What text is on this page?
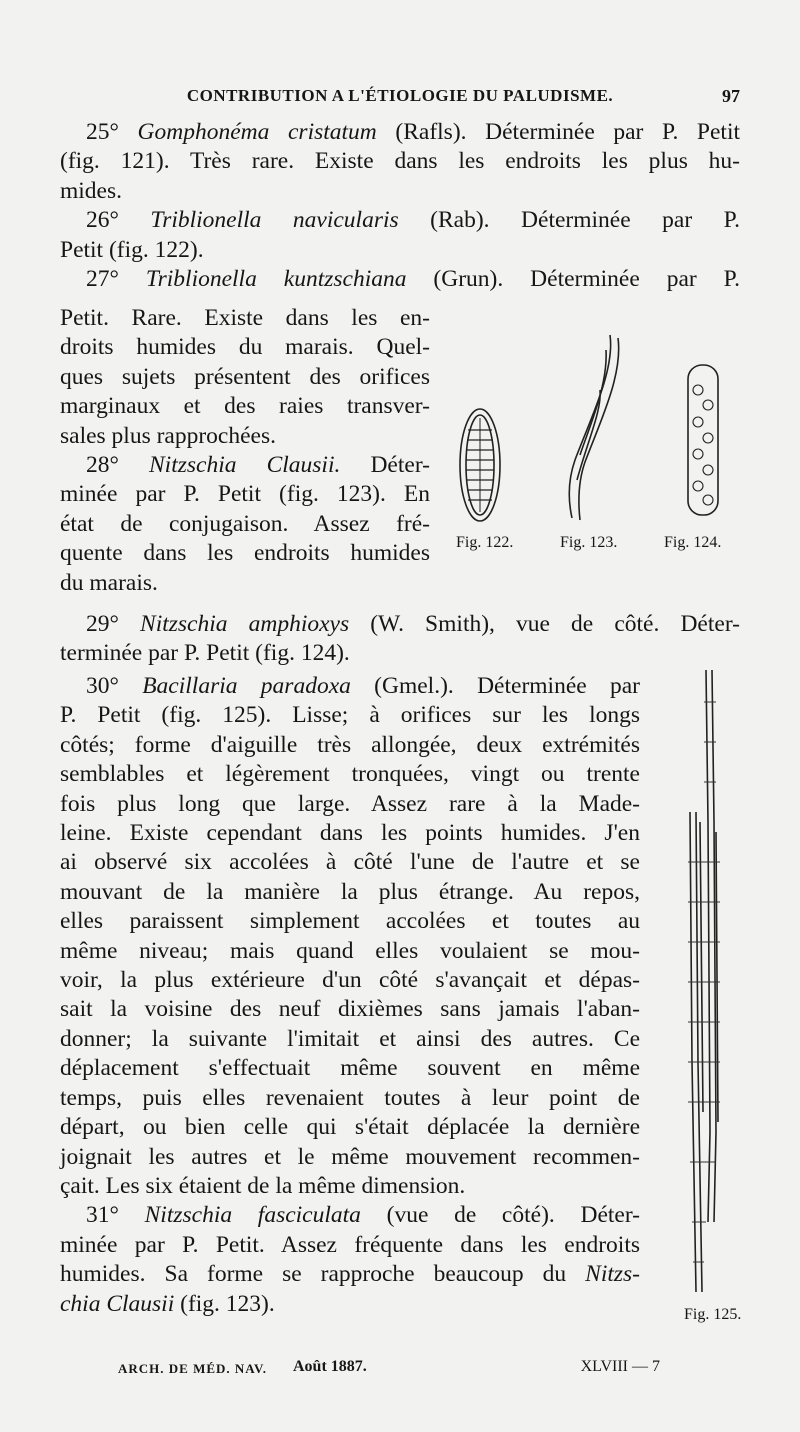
CONTRIBUTION A L'ÉTIOLOGIE DU PALUDISME.	97
25° Gomphonéma cristatum (Rafls). Déterminée par P. Petit
(fig. 121). Très rare. Existe dans les endroits les plus hu-
mides.
26° Triblionella navicularis (Rab). Déterminée par P.
Petit (fig. 122).
27° Triblionella kuntzschiana (Grun). Déterminée par P.
Petit. Rare. Existe dans les en-
droits humides du marais. Quel-
ques sujets présentent des orifices
marginaux et des raies transver-
sales plus rapprochées.
28° Nitzschia Clausii. Déter-
minée par P. Petit (fig. 123). En
état de conjugaison. Assez fré-
quente dans les endroits humides
du marais.
Fig. 122.	Fig. 123.	Fig. 124.
29° Nitzschia amphioxys (W. Smith), vue de côté. Déter-
terminée par P. Petit (fig. 124).
30° Bacillaria paradoxa (Gmel.). Déterminée par
P. Petit (fig. 125). Lisse; à orifices sur les longs
côtés; forme d'aiguille très allongée, deux extrémités
semblables et légèrement tronquées, vingt ou trente
fois plus long que large. Assez rare à la Made-
leine. Existe cependant dans les points humides. J'en
ai observé six accolées à côté l'une de l'autre et se
mouvant de la manière la plus étrange. Au repos,
elles paraissent simplement accolées et toutes au
même niveau; mais quand elles voulaient se mou-
voir, la plus extérieure d'un côté s'avançait et dépas-
sait la voisine des neuf dixièmes sans jamais l'aban-
donner; la suivante l'imitait et ainsi des autres. Ce
déplacement s'effectuait même souvent en même
temps, puis elles revenaient toutes à leur point de
départ, ou bien celle qui s'était déplacée la dernière
joignait les autres et le même mouvement recommen-
çait. Les six étaient de la même dimension.
31° Nitzschia fasciculata (vue de côté). Déter-
minée par P. Petit. Assez fréquente dans les endroits
humides. Sa forme se rapproche beaucoup du Nitzs-
chia Clausii (fig. 123).	Fig. 125.
ARCH. DE MÉD. NAV. Août 1887.	XLVIII — 7
